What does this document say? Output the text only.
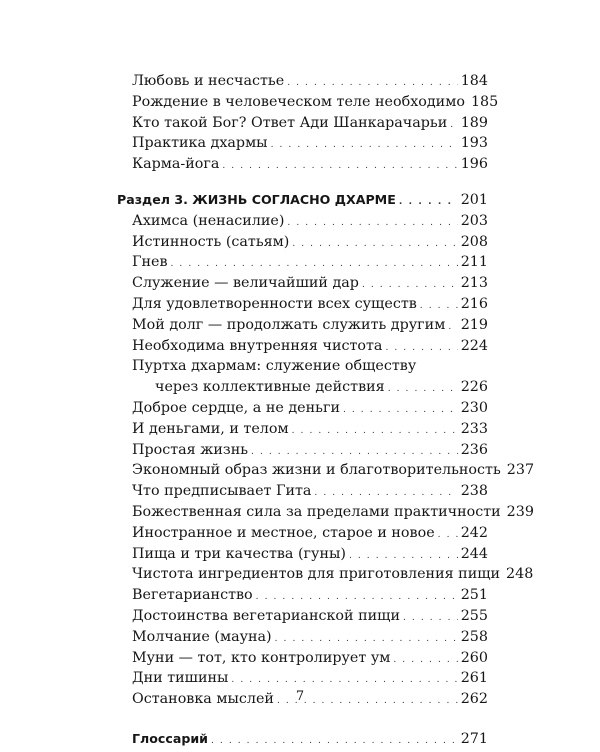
Любовь и несчастье . . .	184
Рождение в человеческом теле необходимо 185
Кто такой Бог? Ответ Ади Шанкарачарьи . . . 189
Практика дхармы . . .	193
Карма-йога . . .	196
Раздел 3. ЖИЗНЬ СОГЛАСНО ДХАРМЕ . . .	201
Ахимса (ненасилие) . . .	203
Истинность (сатьям) . . .	208
Гнев . . .	211
Служение — величайший дар . . .	213
Для удовлетворенности всех существ . . .	216
Мой долг — продолжать служить другим . . . 219
Необходима внутренняя чистота . . .	224
Пуртха дхармам: служение обществу
через коллективные действия . . .	226
Доброе сердце, а не деньги . . .	230
И деньгами, и телом . . .	233
Простая жизнь . . .	236
Экономный образ жизни и благотворительность 237
Что предписывает Гита . . .	238
Божественная сила за пределами практичности 239
Иностранное и местное, старое и новое . . . 242
Пища и три качества (гуны) . . .	244
Чистота ингредиентов для приготовления пищи 248
Вегетарианство . . .	251
Достоинства вегетарианской пищи . . .	255
Молчание (мауна) . . .	258
Муни — тот, кто контролирует ум . . .	260
Дни тишины . . .	261
Остановка мыслей . . .	262
Глоссарий . . .	271
7
